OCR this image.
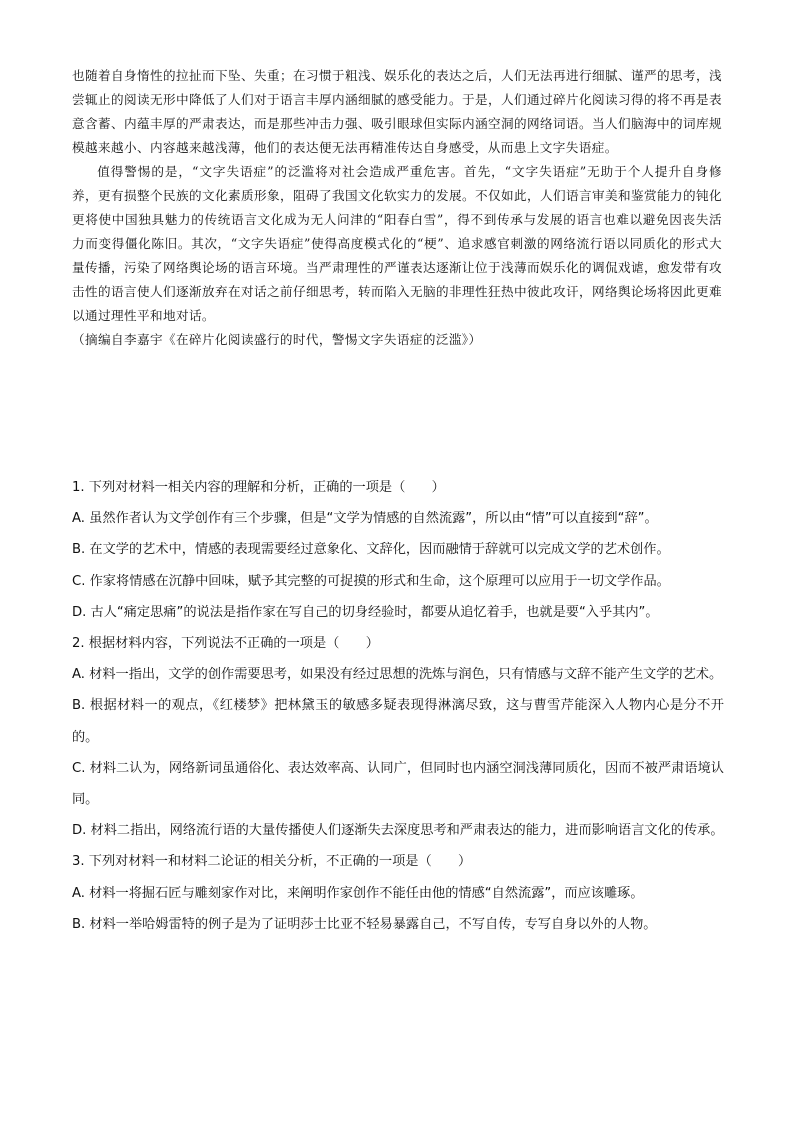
也随着自身惰性的拉扯而下坠、失重；在习惯于粗浅、娱乐化的表达之后，人们无法再进行细腻、谨严的思考，浅尝辄止的阅读无形中降低了人们对于语言丰厚内涵细腻的感受能力。于是，人们通过碎片化阅读习得的将不再是表意含蓄、内蕴丰厚的严肃表达，而是那些冲击力强、吸引眼球但实际内涵空洞的网络词语。当人们脑海中的词库规模越来越小、内容越来越浅薄，他们的表达便无法再精准传达自身感受，从而患上文字失语症。

值得警惕的是，“文字失语症”的泛滥将对社会造成严重危害。首先，“文字失语症”无助于个人提升自身修养，更有损整个民族的文化素质形象，阻碍了我国文化软实力的发展。不仅如此，人们语言审美和鉴赏能力的钝化更将使中国独具魅力的传统语言文化成为无人问津的“阳春白雪”，得不到传承与发展的语言也难以避免因丧失活力而变得僵化陈旧。其次，“文字失语症”使得高度模式化的“梗”、追求感官刺激的网络流行语以同质化的形式大量传播，污染了网络舆论场的语言环境。当严肃理性的严谨表达逐渐让位于浅薄而娱乐化的调侃戏谑，愈发带有攻击性的语言使人们逐渐放弃在对话之前仔细思考，转而陷入无脑的非理性狂热中彼此攻讦，网络舆论场将因此更难以通过理性平和地对话。

（摘编自李嘉宇《在碎片化阅读盛行的时代，警惕文字失语症的泛滥》）

1. 下列对材料一相关内容的理解和分析，正确的一项是（　　）

A. 虽然作者认为文学创作有三个步骤，但是“文学为情感的自然流露”，所以由“情”可以直接到“辞”。

B. 在文学的艺术中，情感的表现需要经过意象化、文辞化，因而融情于辞就可以完成文学的艺术创作。

C. 作家将情感在沉静中回味，赋予其完整的可捉摸的形式和生命，这个原理可以应用于一切文学作品。

D. 古人“痛定思痛”的说法是指作家在写自己的切身经验时，都要从追忆着手，也就是要“入乎其内”。

2. 根据材料内容，下列说法不正确的一项是（　　）

A. 材料一指出，文学的创作需要思考，如果没有经过思想的洗炼与润色，只有情感与文辞不能产生文学的艺术。

B. 根据材料一的观点，《红楼梦》把林黛玉的敏感多疑表现得淋漓尽致，这与曹雪芹能深入人物内心是分不开的。

C. 材料二认为，网络新词虽通俗化、表达效率高、认同广，但同时也内涵空洞浅薄同质化，因而不被严肃语境认同。

D. 材料二指出，网络流行语的大量传播使人们逐渐失去深度思考和严肃表达的能力，进而影响语言文化的传承。

3. 下列对材料一和材料二论证的相关分析，不正确的一项是（　　）

A. 材料一将掘石匠与雕刻家作对比，来阐明作家创作不能任由他的情感“自然流露”，而应该雕琢。

B. 材料一举哈姆雷特的例子是为了证明莎士比亚不轻易暴露自己，不写自传，专写自身以外的人物。
